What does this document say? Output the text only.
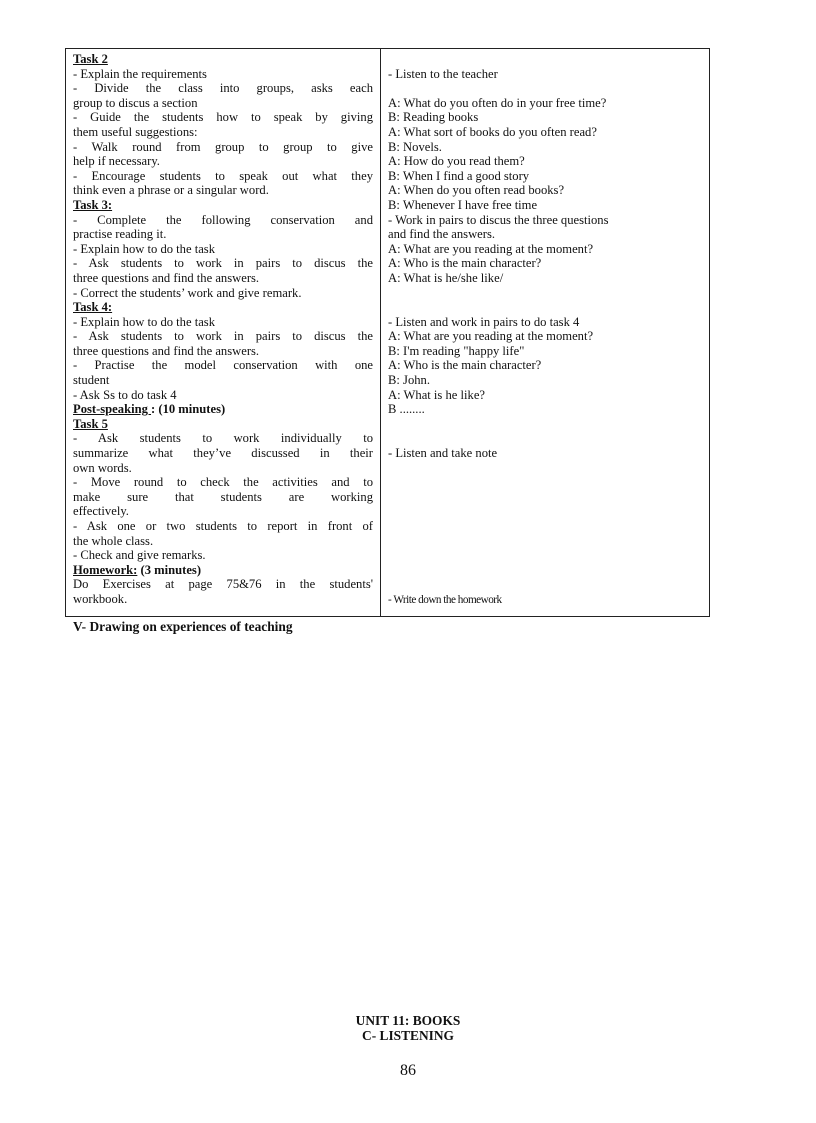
Task 2
- Explain the requirements
- Divide the class into groups, asks each
group to discus a section
- Guide the students how to speak by giving
them useful suggestions:
- Walk round from group to group to give
help if necessary.
- Encourage students to speak out what they
think even a phrase or a singular word.
Task 3:
- Complete the following conservation and
practise reading it.
- Explain how to do the task
- Ask students to work in pairs to discus the
three questions and find the answers.
- Correct the students’ work and give remark.
Task 4:
- Explain how to do the task
- Ask students to work in pairs to discus the
three questions and find the answers.
- Practise the model conservation with one
student
- Ask Ss to do task 4
Post-speaking : (10 minutes)
Task 5
- Ask students to work individually to
summarize what they’ve discussed in their
own words.
- Move round to check the activities and to
make sure that students are working
effectively.
- Ask one or two students to report in front of
the whole class.
- Check and give remarks.
Homework: (3 minutes)
Do Exercises at page 75&76 in the students'
workbook.
- Listen to the teacher
A: What do you often do in your free time?
B: Reading books
A: What sort of books do you often read?
B: Novels.
A: How do you read them?
B: When I find a good story
A: When do you often read books?
B: Whenever I have free time
- Work in pairs to discus the three questions
and find the answers.
A: What are you reading at the moment?
A: Who is the main character?
A: What is he/she like/
- Listen and work in pairs to do task 4
A: What are you reading at the moment?
B: I'm reading "happy life"
A: Who is the main character?
B: John.
A: What is he like?
B ........
- Listen and take note
- Write down the homework
V- Drawing on experiences of teaching
UNIT 11: BOOKS
C- LISTENING
86
